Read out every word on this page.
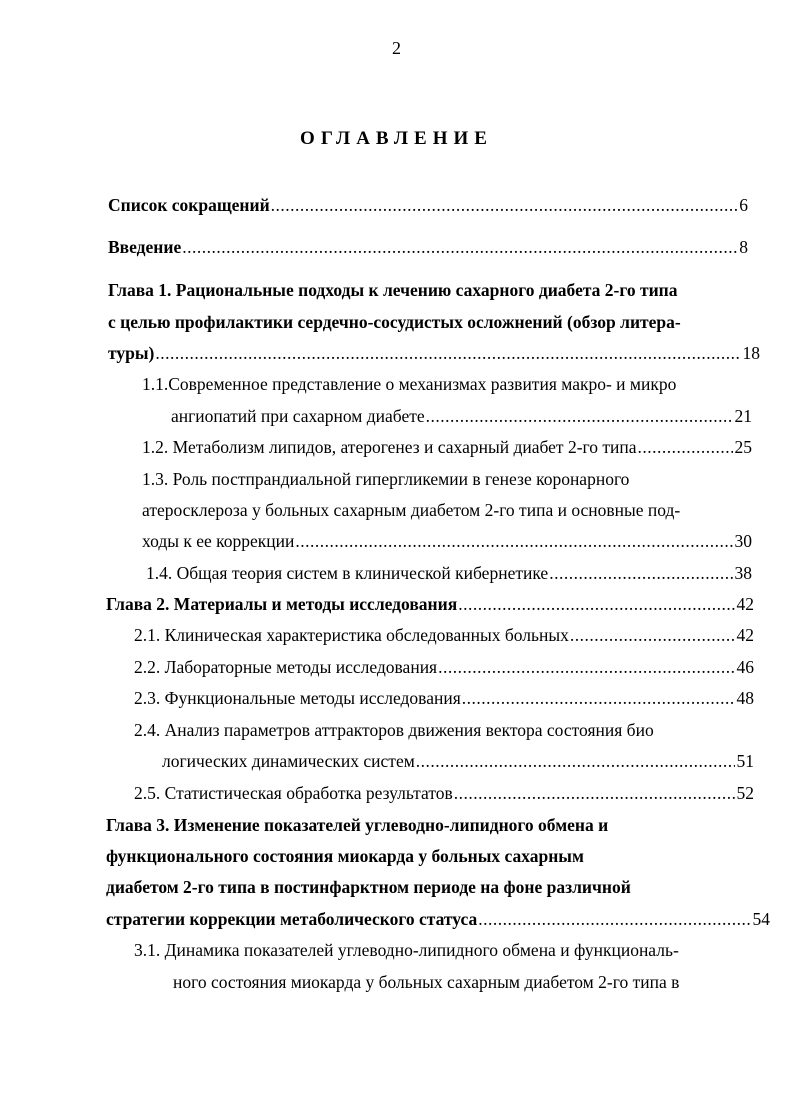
2
ОГЛАВЛЕНИЕ
Список сокращений .....	6
Введение .....	8
Глава 1. Рациональные подходы к лечению сахарного диабета 2-го типа
с целью профилактики сердечно-сосудистых осложнений (обзор литера-
туры) .....	18
1.1.Современное представление о механизмах развития макро- и микро
ангиопатий при сахарном диабете .....	21
1.2. Метаболизм липидов, атерогенез и сахарный диабет 2-го типа .....	25
1.3. Роль постпрандиальной гипергликемии в генезе коронарного
атеросклероза у больных сахарным диабетом 2-го типа и основные под-
ходы к ее коррекции .....	30
1.4. Общая теория систем в клинической кибернетике .....	38
Глава 2. Материалы и методы исследования .....	42
2.1. Клиническая характеристика обследованных больных .....	42
2.2. Лабораторные методы исследования .....	46
2.3. Функциональные методы исследования .....	48
2.4. Анализ параметров аттракторов движения вектора состояния био
логических динамических систем .....	51
2.5. Статистическая обработка результатов .....	52
Глава 3. Изменение показателей углеводно-липидного обмена и
функционального состояния миокарда у больных сахарным
диабетом 2-го типа в постинфарктном периоде на фоне различной
стратегии коррекции метаболического статуса .....	54
3.1. Динамика показателей углеводно-липидного обмена и функциональ-
ного состояния миокарда у больных сахарным диабетом 2-го типа в
